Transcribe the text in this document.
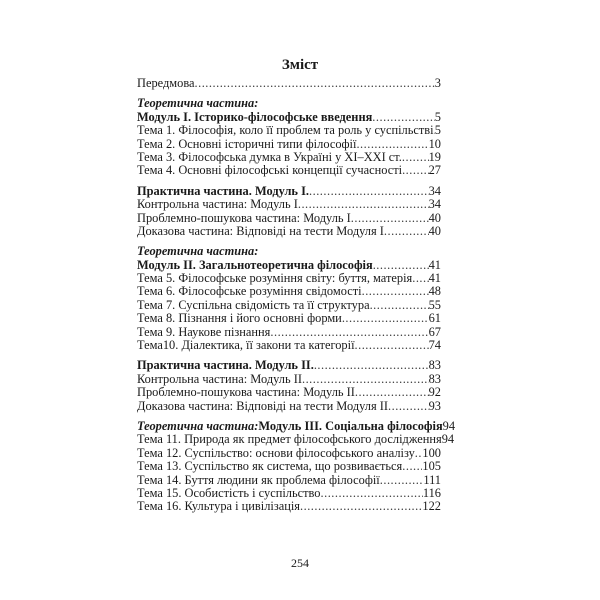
Зміст
Передмова .....	3
Теоретична частина:
Модуль І. Історико-філософське введення .....	5
Тема 1. Філософія, коло її проблем та роль у суспільстві ..... 5
Тема 2. Основні історичні типи філософії .....	10
Тема 3. Філософська думка в Україні у ХІ–ХХІ ст. ..... 19
Тема 4. Основні філософські концепції сучасності ..... 27
Практична частина. Модуль І. .....	34
Контрольна частина: Модуль І .....	34
Проблемно-пошукова частина: Модуль І .....	40
Доказова частина: Відповіді на тести Модуля І .....	40
Теоретична частина:
Модуль ІІ. Загальнотеоретична філософія .....	41
Тема 5. Філософське розуміння світу: буття, матерія ..... 41
Тема 6. Філософське розуміння свідомості .....	48
Тема 7. Суспільна свідомість та її структура .....	55
Тема 8. Пізнання і його основні форми .....	61
Тема 9. Наукове пізнання .....	67
Тема10. Діалектика, її закони та категорії .....	74
Практична частина. Модуль ІІ. .....	83
Контрольна частина: Модуль ІІ .....	83
Проблемно-пошукова частина: Модуль ІІ .....	92
Доказова частина: Відповіді на тести Модуля ІІ .....	93
Теоретична частина: Модуль ІІІ. Соціальна філософія 94
Тема 11. Природа як предмет філософського дослідження 94
Тема 12. Суспільство: основи філософського аналізу ..... 100
Тема 13. Суспільство як система, що розвивається ..... 105
Тема 14. Буття людини як проблема філософії .....	111
Тема 15. Особистість і суспільство .....	116
Тема 16. Культура і цивілізація .....	122
254
